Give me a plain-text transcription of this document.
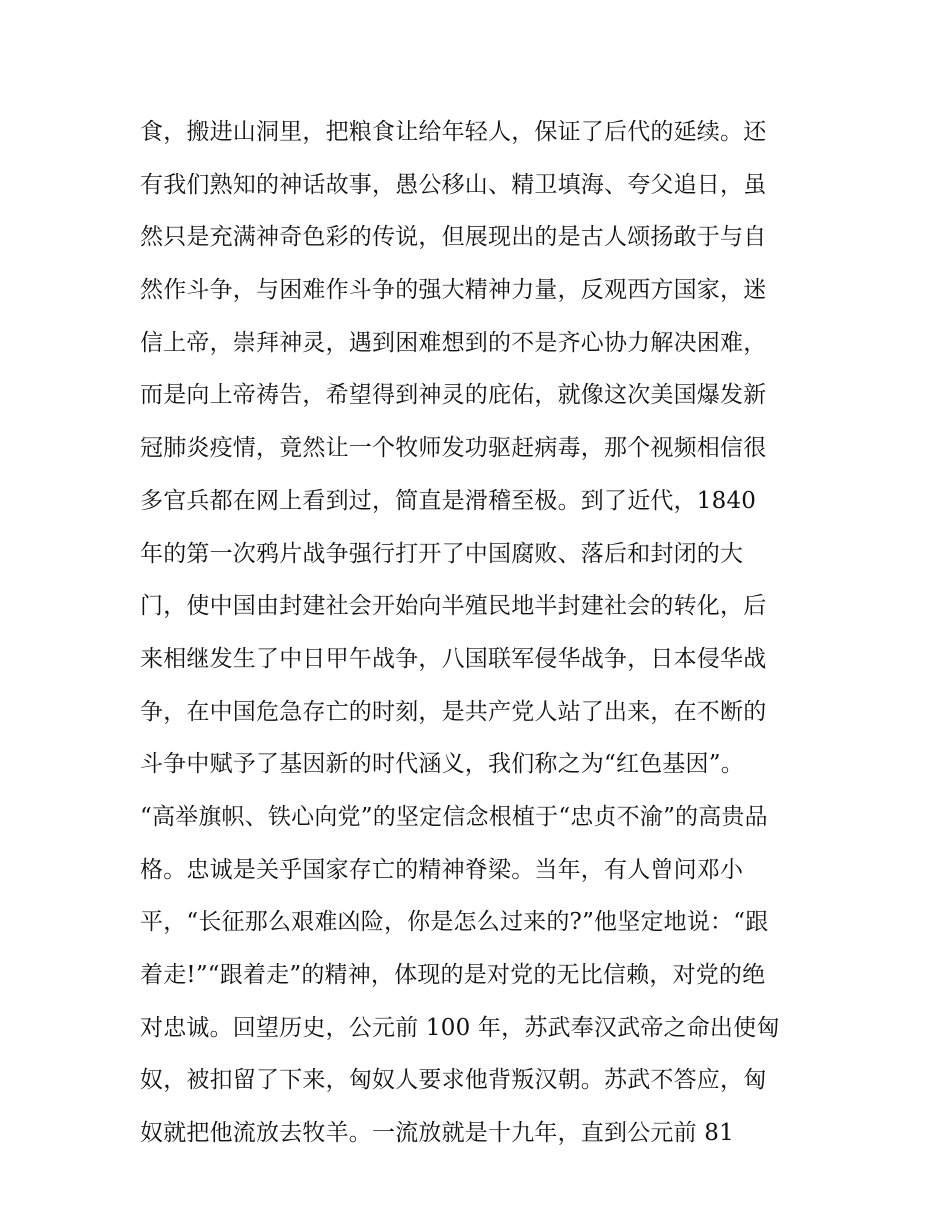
食，搬进山洞里，把粮食让给年轻人，保证了后代的延续。还
有我们熟知的神话故事，愚公移山、精卫填海、夸父追日，虽
然只是充满神奇色彩的传说，但展现出的是古人颂扬敢于与自
然作斗争，与困难作斗争的强大精神力量，反观西方国家，迷
信上帝，崇拜神灵，遇到困难想到的不是齐心协力解决困难，
而是向上帝祷告，希望得到神灵的庇佑，就像这次美国爆发新
冠肺炎疫情，竟然让一个牧师发功驱赶病毒，那个视频相信很
多官兵都在网上看到过，简直是滑稽至极。到了近代，1840
年的第一次鸦片战争强行打开了中国腐败、落后和封闭的大
门，使中国由封建社会开始向半殖民地半封建社会的转化，后
来相继发生了中日甲午战争，八国联军侵华战争，日本侵华战
争，在中国危急存亡的时刻，是共产党人站了出来，在不断的
斗争中赋予了基因新的时代涵义，我们称之为“红色基因”。
“高举旗帜、铁心向党”的坚定信念根植于“忠贞不渝”的高贵品
格。忠诚是关乎国家存亡的精神脊梁。当年，有人曾问邓小
平，“长征那么艰难凶险，你是怎么过来的?”他坚定地说：“跟
着走!”“跟着走”的精神，体现的是对党的无比信赖，对党的绝
对忠诚。回望历史，公元前 100 年，苏武奉汉武帝之命出使匈
奴，被扣留了下来，匈奴人要求他背叛汉朝。苏武不答应，匈
奴就把他流放去牧羊。一流放就是十九年，直到公元前 81
